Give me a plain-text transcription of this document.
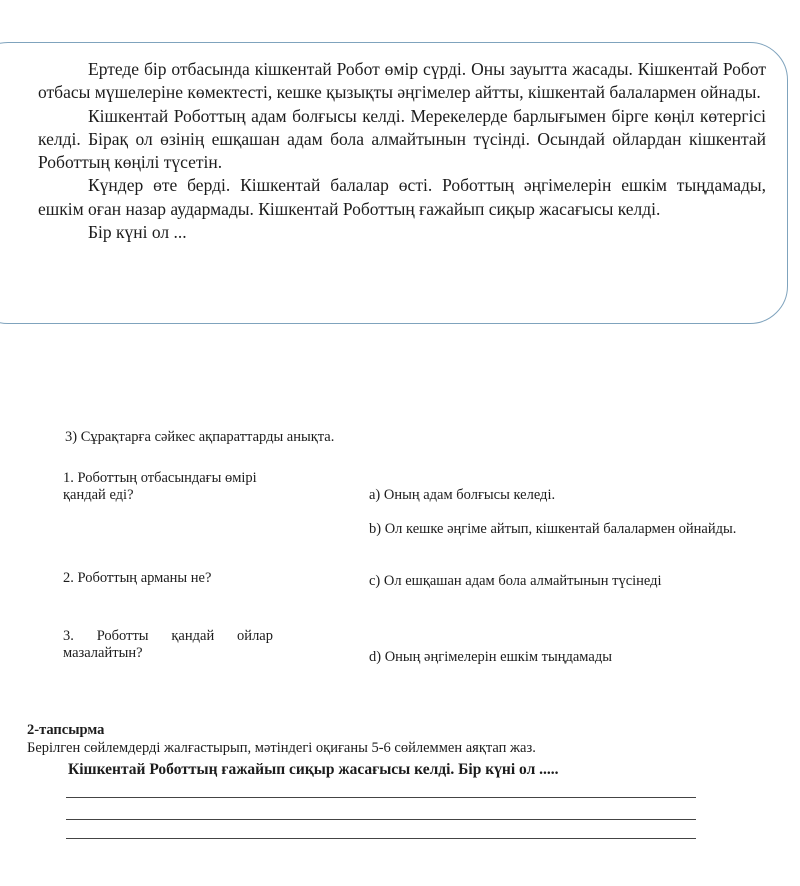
Ертеде бір отбасында кішкентай Робот өмір сүрді. Оны зауытта жасады. Кішкентай Робот отбасы мүшелеріне көмектесті, кешке қызықты әңгімелер айтты, кішкентай балалармен ойнады.

Кішкентай Роботтың адам болғысы келді. Мерекелерде барлығымен бірге көңіл көтергісі келді. Бірақ ол өзінің ешқашан адам бола алмайтынын түсінді. Осындай ойлардан кішкентай Роботтың көңілі түсетін.

Күндер өте берді. Кішкентай балалар өсті. Роботтың әңгімелерін ешкім тыңдамады, ешкім оған назар аудармады. Кішкентай Роботтың ғажайып сиқыр жасағысы келді.

Бір күні ол ...

3) Сұрақтарға сәйкес ақпараттарды анықта.
1. Роботтың отбасындағы өмірі қандай еді?
2. Роботтың арманы не?
3. Роботты қандай ойлар мазалайтын?
a) Оның адам болғысы келеді.
b) Ол кешке әңгіме айтып, кішкентай балалармен ойнайды.
c) Ол ешқашан адам бола алмайтынын түсінеді
d) Оның әңгімелерін ешкім тыңдамады
2-тапсырма
Берілген сөйлемдерді жалғастырып, мәтіндегі оқиғаны 5-6 сөйлеммен аяқтап жаз.
Кішкентай Роботтың ғажайып сиқыр жасағысы келді. Бір күні ол .....
